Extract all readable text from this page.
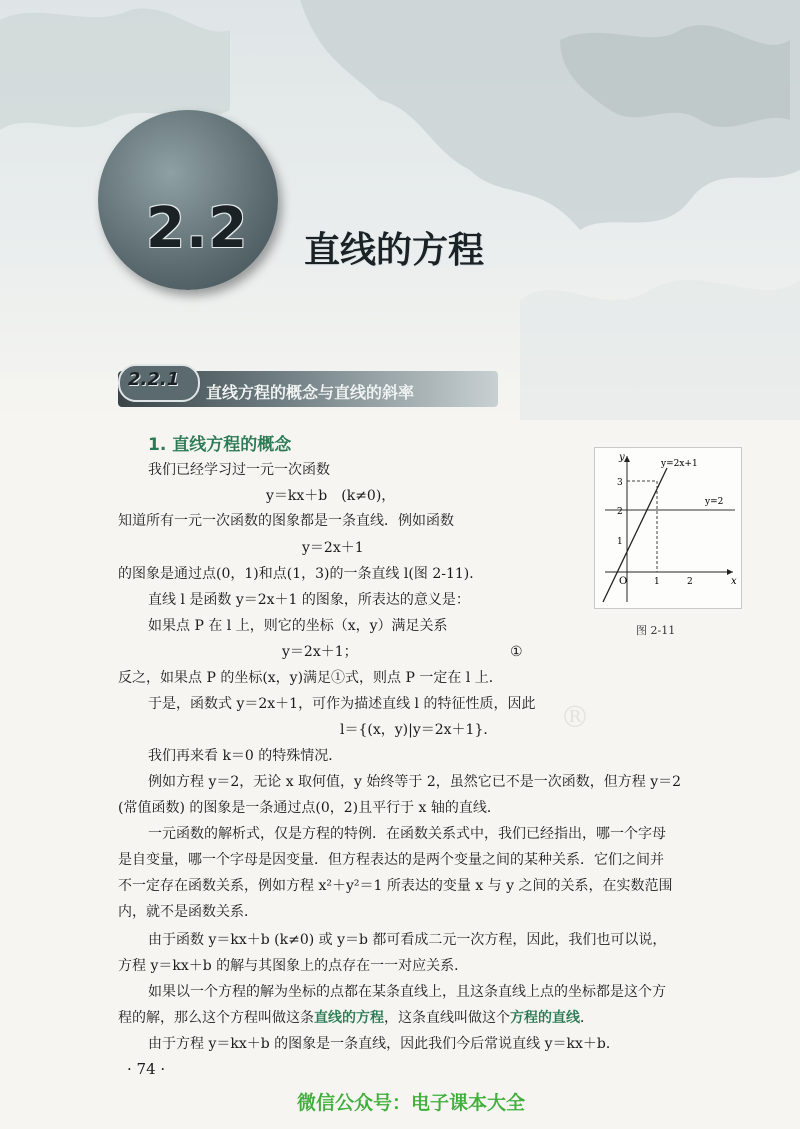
2.2 直线的方程
2.2.1
直线方程的概念与直线的斜率
1. 直线方程的概念
®
我们已经学习过一元一次函数
y＝kx＋b　(k≠0)，
知道所有一元一次函数的图象都是一条直线．例如函数
y＝2x＋1
的图象是通过点(0，1)和点(1，3)的一条直线 l(图 2-11)．
直线 l 是函数 y＝2x＋1 的图象，所表达的意义是：
如果点 P 在 l 上，则它的坐标（x，y）满足关系
y＝2x＋1；	①
反之，如果点 P 的坐标(x，y)满足①式，则点 P 一定在 l 上．
于是，函数式 y＝2x＋1，可作为描述直线 l 的特征性质，因此
l＝{(x，y)|y＝2x＋1}．
我们再来看 k＝0 的特殊情况．
例如方程 y＝2，无论 x 取何值，y 始终等于 2，虽然它已不是一次函数，但方程 y＝2
(常值函数) 的图象是一条通过点(0，2)且平行于 x 轴的直线．
一元函数的解析式，仅是方程的特例．在函数关系式中，我们已经指出，哪一个字母
是自变量，哪一个字母是因变量．但方程表达的是两个变量之间的某种关系．它们之间并
不一定存在函数关系，例如方程 x²＋y²＝1 所表达的变量 x 与 y 之间的关系，在实数范围
内，就不是函数关系．
由于函数 y＝kx＋b (k≠0) 或 y＝b 都可看成二元一次方程，因此，我们也可以说，
方程 y＝kx＋b 的解与其图象上的点存在一一对应关系．
如果以一个方程的解为坐标的点都在某条直线上，且这条直线上点的坐标都是这个方
程的解，那么这个方程叫做这条直线的方程，这条直线叫做这个方程的直线．
由于方程 y＝kx＋b 的图象是一条直线，因此我们今后常说直线 y＝kx＋b．
y
x
O
y=2x+1
y=2
3
2
1
1	2
图 2-11
· 74 ·
微信公众号：电子课本大全
